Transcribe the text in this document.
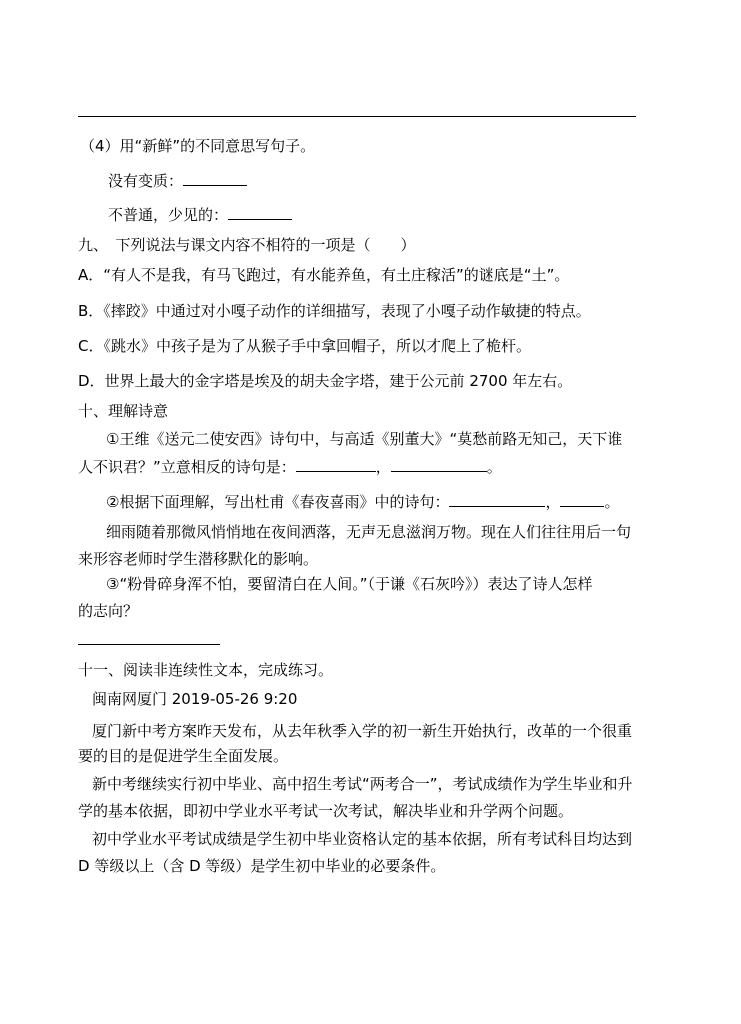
（4）用“新鲜”的不同意思写句子。
没有变质：
不普通，少见的：
九、　下列说法与课文内容不相符的一项是（　　）
A．“有人不是我，有马飞跑过，有水能养鱼，有土庄稼活”的谜底是“土”。
B．《摔跤》中通过对小嘎子动作的详细描写，表现了小嘎子动作敏捷的特点。
C．《跳水》中孩子是为了从猴子手中拿回帽子，所以才爬上了桅杆。
D．世界上最大的金字塔是埃及的胡夫金字塔，建于公元前 2700 年左右。
十、理解诗意
①王维《送元二使安西》诗句中，与高适《别董大》“莫愁前路无知己，天下谁
人不识君？”立意相反的诗句是：	，	。
②根据下面理解，写出杜甫《春夜喜雨》中的诗句：	，	。
细雨随着那微风悄悄地在夜间洒落，无声无息滋润万物。现在人们往往用后一句
来形容老师时学生潜移默化的影响。
③“粉骨碎身浑不怕，要留清白在人间。”（于谦《石灰吟》）表达了诗人怎样
的志向？
十一、阅读非连续性文本，完成练习。
闽南网厦门 2019-05-26 9:20
厦门新中考方案昨天发布，从去年秋季入学的初一新生开始执行，改革的一个很重
要的目的是促进学生全面发展。
新中考继续实行初中毕业、高中招生考试“两考合一”，考试成绩作为学生毕业和升
学的基本依据，即初中学业水平考试一次考试，解决毕业和升学两个问题。
初中学业水平考试成绩是学生初中毕业资格认定的基本依据，所有考试科目均达到
D 等级以上（含 D 等级）是学生初中毕业的必要条件。
